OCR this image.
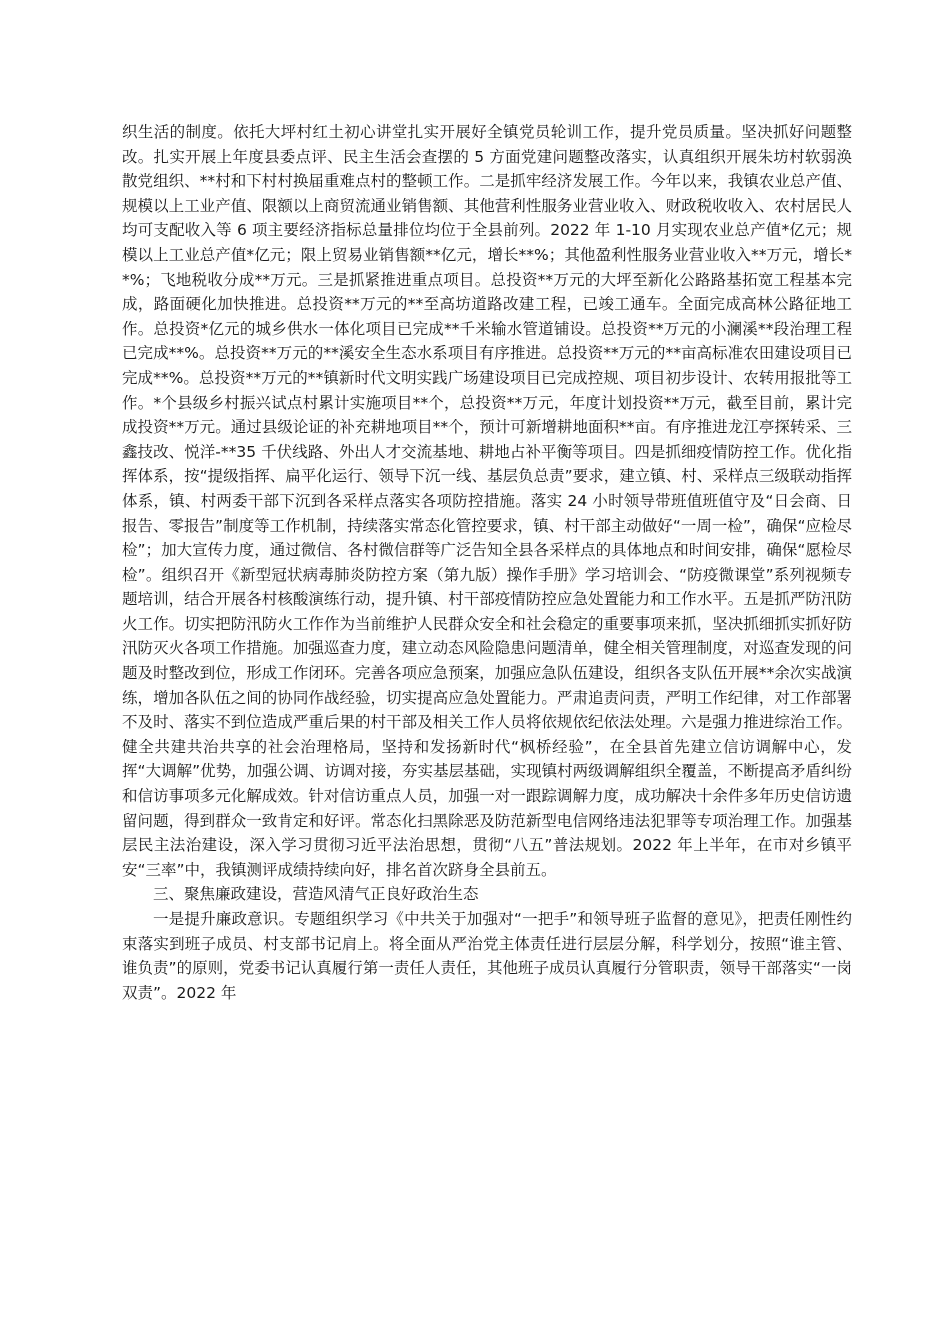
织生活的制度。依托大坪村红土初心讲堂扎实开展好全镇党员轮训工作，提升党员质量。坚决抓好问题整改。扎实开展上年度县委点评、民主生活会查摆的 5 方面党建问题整改落实，认真组织开展朱坊村软弱涣散党组织、**村和下村村换届重难点村的整顿工作。二是抓牢经济发展工作。今年以来，我镇农业总产值、规模以上工业产值、限额以上商贸流通业销售额、其他营利性服务业营业收入、财政税收收入、农村居民人均可支配收入等 6 项主要经济指标总量排位均位于全县前列。2022 年 1-10 月实现农业总产值*亿元；规模以上工业总产值*亿元；限上贸易业销售额**亿元，增长**%；其他盈利性服务业营业收入**万元，增长**%；飞地税收分成**万元。三是抓紧推进重点项目。总投资**万元的大坪至新化公路路基拓宽工程基本完成，路面硬化加快推进。总投资**万元的**至高坊道路改建工程，已竣工通车。全面完成高林公路征地工作。总投资*亿元的城乡供水一体化项目已完成**千米输水管道铺设。总投资**万元的小澜溪**段治理工程已完成**%。总投资**万元的**溪安全生态水系项目有序推进。总投资**万元的**亩高标准农田建设项目已完成**%。总投资**万元的**镇新时代文明实践广场建设项目已完成控规、项目初步设计、农转用报批等工作。*个县级乡村振兴试点村累计实施项目**个，总投资**万元，年度计划投资**万元，截至目前，累计完成投资**万元。通过县级论证的补充耕地项目**个，预计可新增耕地面积**亩。有序推进龙江亭探转采、三鑫技改、悦洋-**35 千伏线路、外出人才交流基地、耕地占补平衡等项目。四是抓细疫情防控工作。优化指挥体系，按“提级指挥、扁平化运行、领导下沉一线、基层负总责”要求，建立镇、村、采样点三级联动指挥体系，镇、村两委干部下沉到各采样点落实各项防控措施。落实 24 小时领导带班值班值守及“日会商、日报告、零报告”制度等工作机制，持续落实常态化管控要求，镇、村干部主动做好“一周一检”，确保“应检尽检”；加大宣传力度，通过微信、各村微信群等广泛告知全县各采样点的具体地点和时间安排，确保“愿检尽检”。组织召开《新型冠状病毒肺炎防控方案（第九版）操作手册》学习培训会、“防疫微课堂”系列视频专题培训，结合开展各村核酸演练行动，提升镇、村干部疫情防控应急处置能力和工作水平。五是抓严防汛防火工作。切实把防汛防火工作作为当前维护人民群众安全和社会稳定的重要事项来抓，坚决抓细抓实抓好防汛防灭火各项工作措施。加强巡查力度，建立动态风险隐患问题清单，健全相关管理制度，对巡查发现的问题及时整改到位，形成工作闭环。完善各项应急预案，加强应急队伍建设，组织各支队伍开展**余次实战演练，增加各队伍之间的协同作战经验，切实提高应急处置能力。严肃追责问责，严明工作纪律，对工作部署不及时、落实不到位造成严重后果的村干部及相关工作人员将依规依纪依法处理。六是强力推进综治工作。健全共建共治共享的社会治理格局，坚持和发扬新时代“枫桥经验”，在全县首先建立信访调解中心，发挥“大调解”优势，加强公调、访调对接，夯实基层基础，实现镇村两级调解组织全覆盖，不断提高矛盾纠纷和信访事项多元化解成效。针对信访重点人员，加强一对一跟踪调解力度，成功解决十余件多年历史信访遗留问题，得到群众一致肯定和好评。常态化扫黑除恶及防范新型电信网络违法犯罪等专项治理工作。加强基层民主法治建设，深入学习贯彻习近平法治思想，贯彻“八五”普法规划。2022 年上半年，在市对乡镇平安“三率”中，我镇测评成绩持续向好，排名首次跻身全县前五。

三、聚焦廉政建设，营造风清气正良好政治生态

一是提升廉政意识。专题组织学习《中共关于加强对“一把手”和领导班子监督的意见》，把责任刚性约束落实到班子成员、村支部书记肩上。将全面从严治党主体责任进行层层分解，科学划分，按照“谁主管、谁负责”的原则，党委书记认真履行第一责任人责任，其他班子成员认真履行分管职责，领导干部落实“一岗双责”。2022 年
